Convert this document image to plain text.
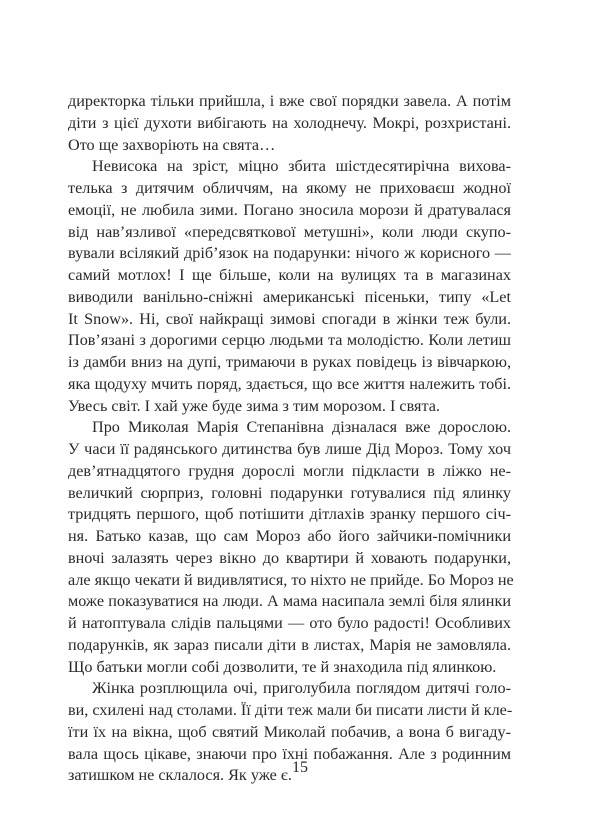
директорка тільки прийшла, і вже свої порядки завела. А потім
діти з цієї духоти вибігають на холоднечу. Мокрі, розхристані.
Ото ще захворіють на свята…
Невисока на зріст, міцно збита шістдесятирічна вихова-
телька з дитячим обличчям, на якому не приховаєш жодної
емоції, не любила зими. Погано зносила морози й дратувалася
від нав’язливої «передсвяткової метушні», коли люди скупо-
вували всілякий дріб’язок на подарунки: нічого ж корисного —
самий мотлох! І ще більше, коли на вулицях та в магазинах
виводили ванільно-сніжні американські пісеньки, типу «Let
It Snow». Ні, свої найкращі зимові спогади в жінки теж були.
Пов’язані з дорогими серцю людьми та молодістю. Коли летиш
із дамби вниз на дупі, тримаючи в руках повідець із вівчаркою,
яка щодуху мчить поряд, здається, що все життя належить тобі.
Увесь світ. І хай уже буде зима з тим морозом. І свята.
Про Миколая Марія Степанівна дізналася вже дорослою.
У часи її радянського дитинства був лише Дід Мороз. Тому хоч
дев’ятнадцятого грудня дорослі могли підкласти в ліжко не-
величкий сюрприз, головні подарунки готувалися під ялинку
тридцять першого, щоб потішити дітлахів зранку першого січ-
ня. Батько казав, що сам Мороз або його зайчики-помічники
вночі залазять через вікно до квартири й ховають подарунки,
але якщо чекати й видивлятися, то ніхто не прийде. Бо Мороз не
може показуватися на люди. А мама насипала землі біля ялинки
й натоптувала слідів пальцями — ото було радості! Особливих
подарунків, як зараз писали діти в листах, Марія не замовляла.
Що батьки могли собі дозволити, те й знаходила під ялинкою.
Жінка розплющила очі, приголубила поглядом дитячі голо-
ви, схилені над столами. Її діти теж мали би писати листи й кле-
їти їх на вікна, щоб святий Миколай побачив, а вона б вигаду-
вала щось цікаве, знаючи про їхні побажання. Але з родинним
затишком не склалося. Як уже є. 15
